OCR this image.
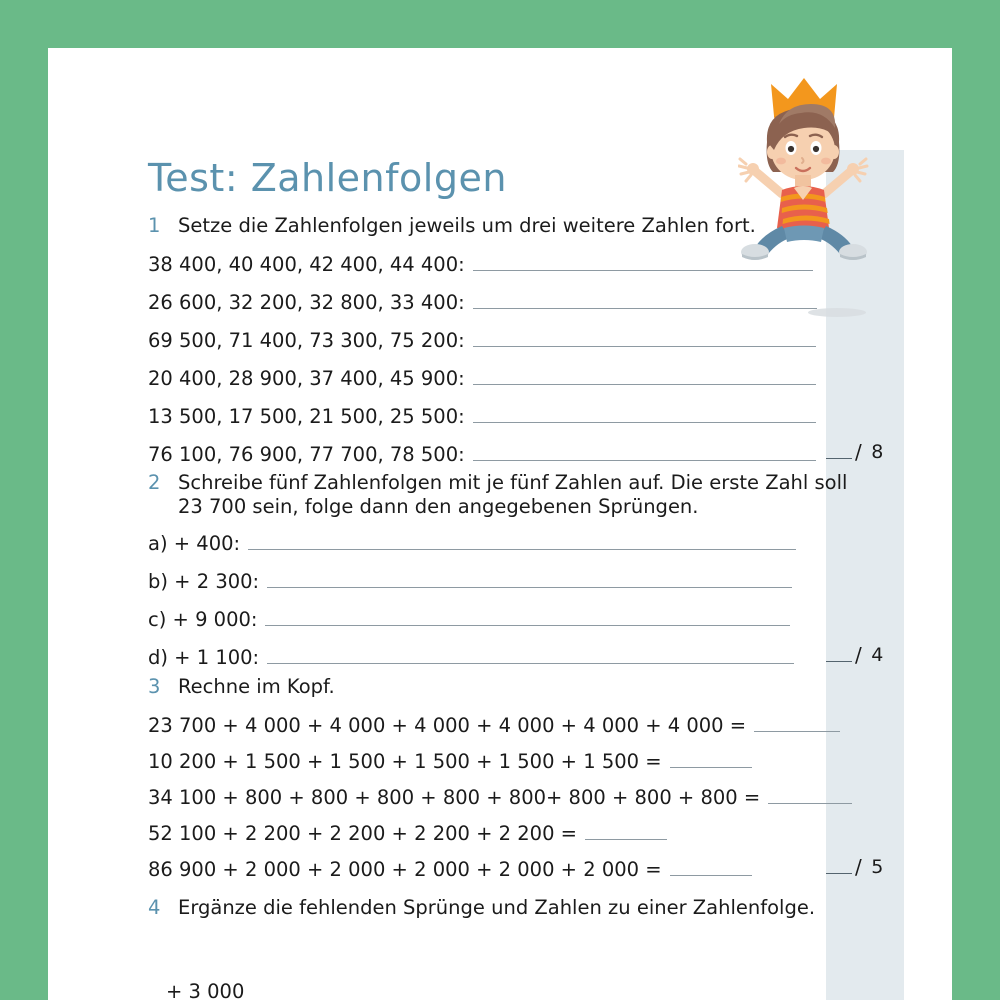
Test: Zahlenfolgen
1 Setze die Zahlenfolgen jeweils um drei weitere Zahlen fort.
38 400, 40 400, 42 400, 44 400:
26 600, 32 200, 32 800, 33 400:
69 500, 71 400, 73 300, 75 200:
20 400, 28 900, 37 400, 45 900:
13 500, 17 500, 21 500, 25 500:
76 100, 76 900, 77 700, 78 500:	/ 8
2 Schreibe fünf Zahlenfolgen mit je fünf Zahlen auf. Die erste Zahl soll
23 700 sein, folge dann den angegebenen Sprüngen.
a) + 400:
b) + 2 300:
c) + 9 000:
d) + 1 100:	/ 4
3 Rechne im Kopf.
23 700 + 4 000 + 4 000 + 4 000 + 4 000 + 4 000 + 4 000 =
10 200 + 1 500 + 1 500 + 1 500 + 1 500 + 1 500 =
34 100 + 800 + 800 + 800 + 800 + 800+ 800 + 800 + 800 =
52 100 + 2 200 + 2 200 + 2 200 + 2 200 =
86 900 + 2 000 + 2 000 + 2 000 + 2 000 + 2 000 =	/ 5
4 Ergänze die fehlenden Sprünge und Zahlen zu einer Zahlenfolge.
+ 3 000
